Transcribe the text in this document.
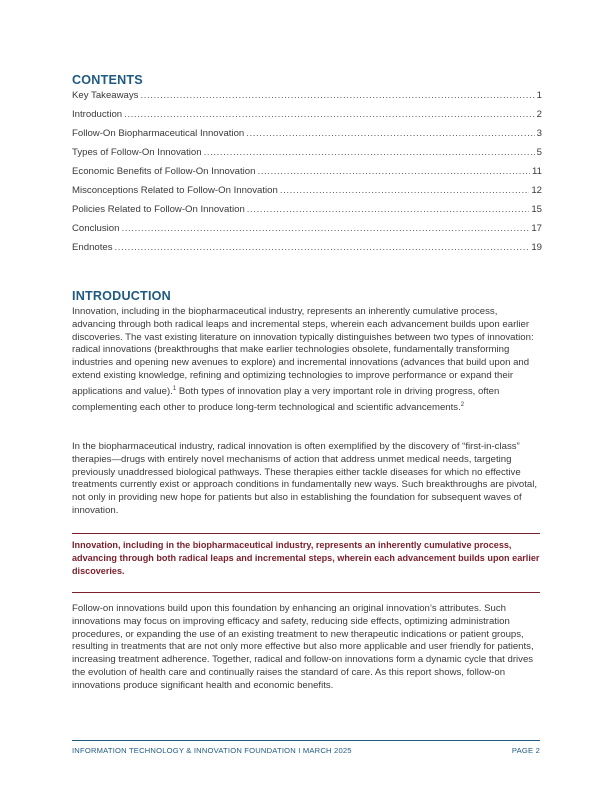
CONTENTS
Key Takeaways .....	1
Introduction .....	2
Follow-On Biopharmaceutical Innovation .....	3
Types of Follow-On Innovation .....	5
Economic Benefits of Follow-On Innovation .....	11
Misconceptions Related to Follow-On Innovation .....	12
Policies Related to Follow-On Innovation .....	15
Conclusion .....	17
Endnotes .....	19
INTRODUCTION

Innovation, including in the biopharmaceutical industry, represents an inherently cumulative process, advancing through both radical leaps and incremental steps, wherein each advancement builds upon earlier discoveries. The vast existing literature on innovation typically distinguishes between two types of innovation: radical innovations (breakthroughs that make earlier technologies obsolete, fundamentally transforming industries and opening new avenues to explore) and incremental innovations (advances that build upon and extend existing knowledge, refining and optimizing technologies to improve performance or expand their applications and value).$^1$ Both types of innovation play a very important role in driving progress, often complementing each other to produce long-term technological and scientific advancements.$^2$

In the biopharmaceutical industry, radical innovation is often exemplified by the discovery of “first-in-class” therapies—drugs with entirely novel mechanisms of action that address unmet medical needs, targeting previously unaddressed biological pathways. These therapies either tackle diseases for which no effective treatments currently exist or approach conditions in fundamentally new ways. Such breakthroughs are pivotal, not only in providing new hope for patients but also in establishing the foundation for subsequent waves of innovation.

Innovation, including in the biopharmaceutical industry, represents an inherently cumulative process, advancing through both radical leaps and incremental steps, wherein each advancement builds upon earlier discoveries.

Follow-on innovations build upon this foundation by enhancing an original innovation’s attributes. Such innovations may focus on improving efficacy and safety, reducing side effects, optimizing administration procedures, or expanding the use of an existing treatment to new therapeutic indications or patient groups, resulting in treatments that are not only more effective but also more applicable and user friendly for patients, increasing treatment adherence. Together, radical and follow-on innovations form a dynamic cycle that drives the evolution of health care and continually raises the standard of care. As this report shows, follow-on innovations produce significant health and economic benefits.

INFORMATION TECHNOLOGY & INNOVATION FOUNDATION I MARCH 2025	PAGE 2
